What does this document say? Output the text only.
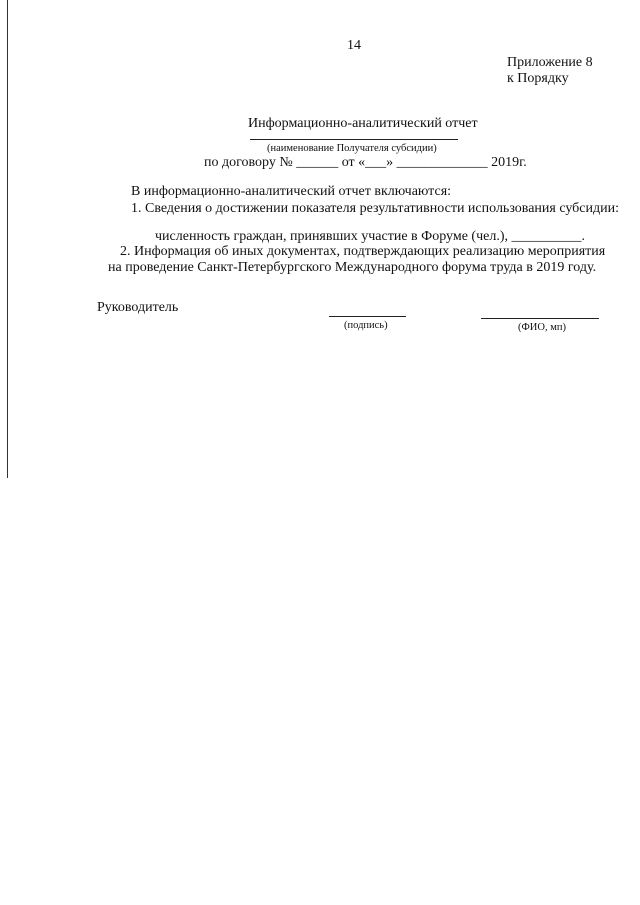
14
Приложение 8
к Порядку
Информационно-аналитический отчет
(наименование Получателя субсидии)
по договору № ______ от «___» _____________ 2019г.
В информационно-аналитический отчет включаются:
1. Сведения о достижении показателя результативности использования субсидии:
численность граждан, принявших участие в Форуме (чел.), __________.
2. Информация об иных документах, подтверждающих реализацию мероприятия
на проведение Санкт-Петербургского Международного форума труда в 2019 году.
Руководитель
(подпись)	(ФИО, мп)
